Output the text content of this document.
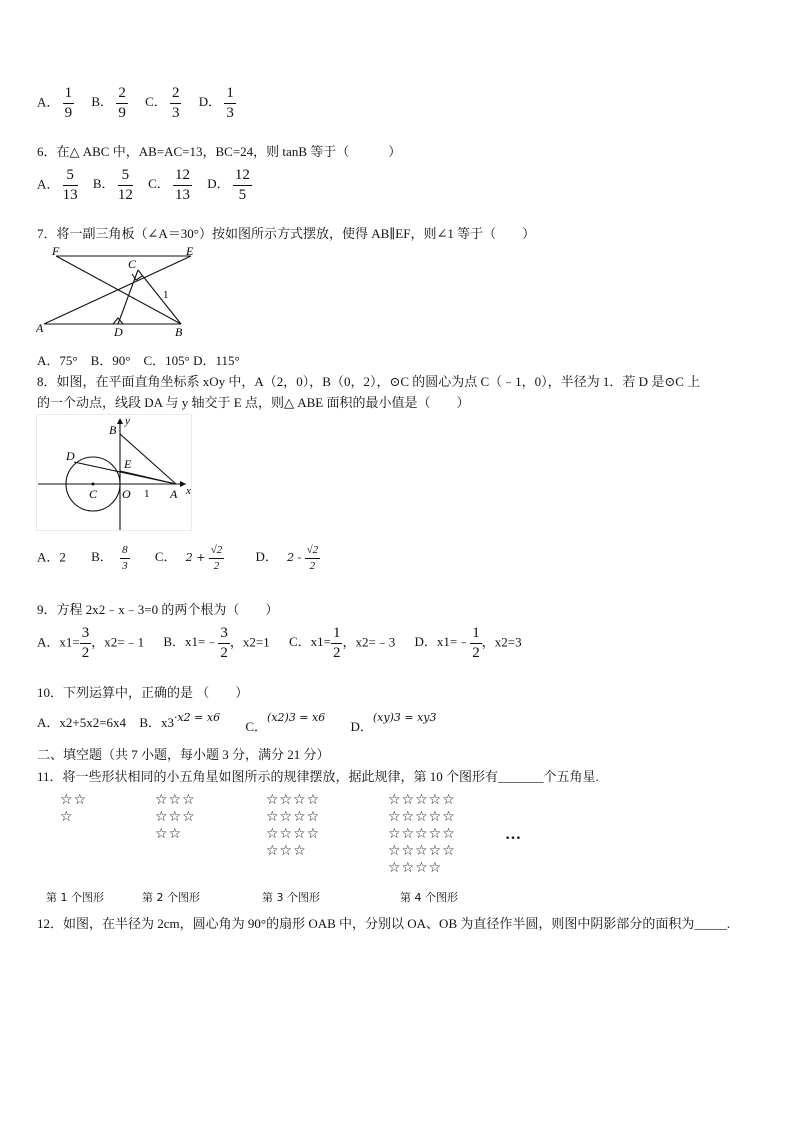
A． $\frac{1}{9}$ B． $\frac{2}{9}$ C． $\frac{2}{3}$ D． $\frac{1}{3}$
6．在△ ABC 中，AB=AC=13，BC=24，则 tanB 等于（　　　）
A． $\frac{5}{13}$ B． $\frac{5}{12}$ C． $\frac{12}{13}$ D． $\frac{12}{5}$
7．将一副三角板（∠A＝30°）按如图所示方式摆放，使得 AB∥EF，则∠1 等于（　　）
F	E
C
A	D	B
1
A．75°　B．90°　C．105° D．115°
8．如图，在平面直角坐标系 xOy 中，A（2，0），B（0，2），⊙C 的圆心为点 C（﹣1，0），半径为 1．若 D 是⊙C 上
的一个动点，线段 DA 与 y 轴交于 E 点，则△ ABE 面积的最小值是（　　）
y
x
B
D
E
C O 1 A
A．2 B． $\frac{8}{3}$ C． $2 + \frac{√2}{2}$ D． $2 - \frac{√2}{2}$
9．方程 2x2﹣x﹣3=0 的两个根为（　　）
A．$x1= \frac{3}{2}$ ，x2=﹣1 B．x1=﹣ $\frac{3}{2}$ ，x2=1 C．$x1= \frac{1}{2}$ ，x2=﹣3 D．x1=﹣ $\frac{1}{2}$ ，x2=3
10．下列运算中，正确的是 （　　）
A．x2+5x2=6x4 B．$x3^{\cdot x2 = x6}$ C．$^{(x2)3 = x6}$ D．$^{(xy)3 = xy3}$
二、填空题（共 7 小题，每小题 3 分，满分 21 分）
11．将一些形状相同的小五角星如图所示的规律摆放，据此规律，第 10 个图形有_______个五角星.
☆☆
☆
☆☆☆
☆☆☆
☆☆
☆☆☆☆
☆☆☆☆
☆☆☆☆
☆☆☆
☆☆☆☆☆
☆☆☆☆☆
☆☆☆☆☆
☆☆☆☆☆
☆☆☆☆
…
第 1 个图形	第 2 个图形	第 3 个图形	第 4 个图形
12．如图，在半径为 2cm，圆心角为 90°的扇形 OAB 中，分别以 OA、OB 为直径作半圆，则图中阴影部分的面积为_____.
